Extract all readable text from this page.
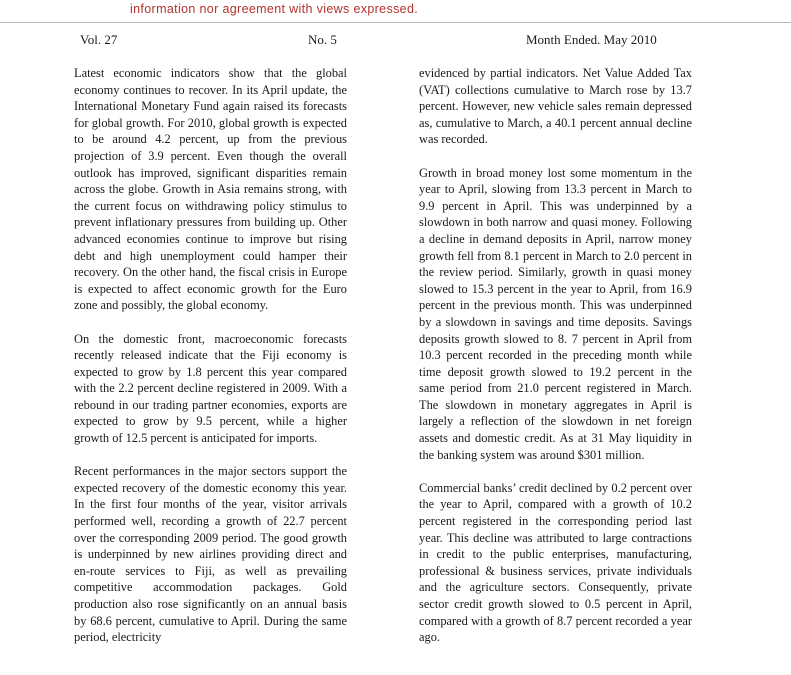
information nor agreement with views expressed.
Vol. 27	No. 5	Month Ended. May 2010

Latest economic indicators show that the global economy continues to recover. In its April update, the International Monetary Fund again raised its forecasts for global growth. For 2010, global growth is expected to be around 4.2 percent, up from the previous projection of 3.9 percent. Even though the overall outlook has improved, significant disparities remain across the globe. Growth in Asia remains strong, with the current focus on withdrawing policy stimulus to prevent inflationary pressures from building up. Other advanced economies continue to improve but rising debt and high unemployment could hamper their recovery. On the other hand, the fiscal crisis in Europe is expected to affect economic growth for the Euro zone and possibly, the global economy.

On the domestic front, macroeconomic forecasts recently released indicate that the Fiji economy is expected to grow by 1.8 percent this year compared with the 2.2 percent decline registered in 2009. With a rebound in our trading partner economies, exports are expected to grow by 9.5 percent, while a higher growth of 12.5 percent is anticipated for imports.

Recent performances in the major sectors support the expected recovery of the domestic economy this year. In the first four months of the year, visitor arrivals performed well, recording a growth of 22.7 percent over the corresponding 2009 period. The good growth is underpinned by new airlines providing direct and en-route services to Fiji, as well as prevailing competitive accommodation packages. Gold production also rose significantly on an annual basis by 68.6 percent, cumulative to April. During the same period, electricity

evidenced by partial indicators. Net Value Added Tax (VAT) collections cumulative to March rose by 13.7 percent. However, new vehicle sales remain depressed as, cumulative to March, a 40.1 percent annual decline was recorded.

Growth in broad money lost some momentum in the year to April, slowing from 13.3 percent in March to 9.9 percent in April. This was underpinned by a slowdown in both narrow and quasi money. Following a decline in demand deposits in April, narrow money growth fell from 8.1 percent in March to 2.0 percent in the review period. Similarly, growth in quasi money slowed to 15.3 percent in the year to April, from 16.9 percent in the previous month. This was underpinned by a slowdown in savings and time deposits. Savings deposits growth slowed to 8. 7 percent in April from 10.3 percent recorded in the preceding month while time deposit growth slowed to 19.2 percent in the same period from 21.0 percent registered in March. The slowdown in monetary aggregates in April is largely a reflection of the slowdown in net foreign assets and domestic credit. As at 31 May liquidity in the banking system was around $301 million.

Commercial banks’ credit declined by 0.2 percent over the year to April, compared with a growth of 10.2 percent registered in the corresponding period last year. This decline was attributed to large contractions in credit to the public enterprises, manufacturing, professional & business services, private individuals and the agriculture sectors. Consequently, private sector credit growth slowed to 0.5 percent in April, compared with a growth of 8.7 percent recorded a year ago.
